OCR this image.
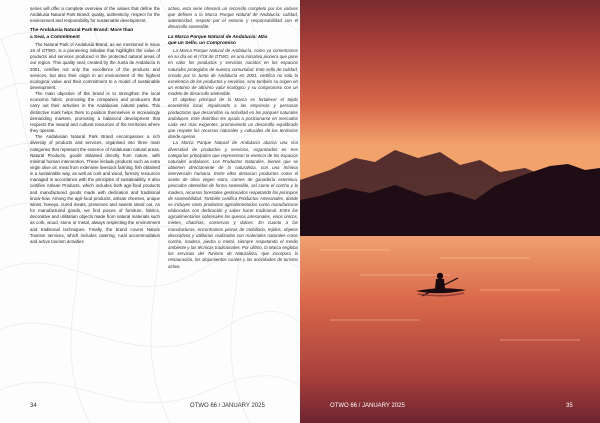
series will offer a complete overview of the values that define the Andalusia Natural Park Brand: quality, authenticity, respect for the environment and responsibility for sustainable development.

The Andalusia Natural Park Brand: More than
a Seal, a Commitment

The Natural Park of Andalusia Brand, as we mentioned in issue 18 of OTWO, is a pioneering initiative that highlights the value of products and services produced in the protected natural areas of our region. This quality seal, created by the Junta de Andalucía in 2001, certifies not only the excellence of the products and services, but also their origin in an environment of the highest ecological value and their commitment to a model of sustainable development.

The main objective of the brand is to strengthen the local economic fabric, promoting the companies and producers that carry out their activities in the Andalusian natural parks. This distinctive mark helps them to position themselves in increasingly demanding markets, promoting a balanced development that respects the natural and cultural resources of the territories where they operate.

The Andalusian Natural Park Brand encompasses a rich diversity of products and services, organised into three main categories that represent the essence of Andalusian natural areas. Natural Products, goods obtained directly from nature, with minimal human intervention. These include products such as extra virgin olive oil, meat from extensive livestock farming, fish obtained in a sustainable way, as well as cork and wood, forestry resources managed in accordance with the principles of sustainability. It also certifies Artisan Products, which includes both agri-food products and manufactured goods made with dedication and traditional know-how. Among the agri-food products, artisan cheeses, unique wines, honeys, cured meats, preserves and sweets stand out. As for manufactured goods, we find pieces of furniture, fabrics, decorative and utilitarian objects made from natural materials such as cork, wood, stone or metal, always respecting the environment and traditional techniques. Finally, the brand covers Nature Tourism services, which includes catering, rural accommodation and active tourism activities

activo, esta serie ofrecerá un recorrido completo por los valores que definen a la Marca Parque Natural de Andalucía: calidad, autenticidad, respeto por el entorno y responsabilidad con el desarrollo sostenible.

La Marca Parque Natural de Andalucía: Más
que un Sello, un Compromiso

La Marca Parque Natural de Andalucía, como ya comentamos en su día en el nº18 de OTWO, es una iniciativa pionera que pone en valor los productos y servicios nacidos en los espacios naturales protegidos de nuestra comunidad. Este sello de calidad, creado por la Junta de Andalucía en 2001, certifica no solo la excelencia de los productos y servicios, sino también su origen en un entorno de altísimo valor ecológico y su compromiso con un modelo de desarrollo sostenible.

El objetivo principal de la Marca es fortalecer el tejido económico local, impulsando a las empresas y personas productoras que desarrollan su actividad en los parques naturales andaluces. Este distintivo les ayuda a posicionarse en mercados cada vez más exigentes, promoviendo un desarrollo equilibrado que respete los recursos naturales y culturales de los territorios donde operan.

La Marca Parque Natural de Andalucía abarca una rica diversidad de productos y servicios, organizados en tres categorías principales que representan la esencia de los espacios naturales andaluces. Los Productos Naturales, bienes que se obtienen directamente de la naturaleza, con una mínima intervención humana. Entre ellos destacan productos como el aceite de oliva virgen extra, carnes de ganadería extensiva, pescados obtenidos de forma sostenible, así como el corcho y la madera, recursos forestales gestionados respetando los principios de sostenibilidad. También certifica Productos Artesanales, donde se incluyen tanto productos agroalimentarios como manufacturas elaboradas con dedicación y saber hacer tradicional. Entre los agroalimentarios sobresalen los quesos artesanales, vinos únicos, mieles, chacinas, conservas y dulces. En cuanto a las manufacturas, encontramos piezas de mobiliario, tejidos, objetos decorativos y utilitarios realizados con materiales naturales como corcho, madera, piedra o metal, siempre respetando el medio ambiente y las técnicas tradicionales. Por último, la Marca engloba los servicios del Turismo de Naturaleza, que incorpora la restauración, los alojamientos rurales y las actividades de turismo activo.

34	OTWO 66 / JANUARY 2025	OTWO 66 / JANUARY 2025	35
